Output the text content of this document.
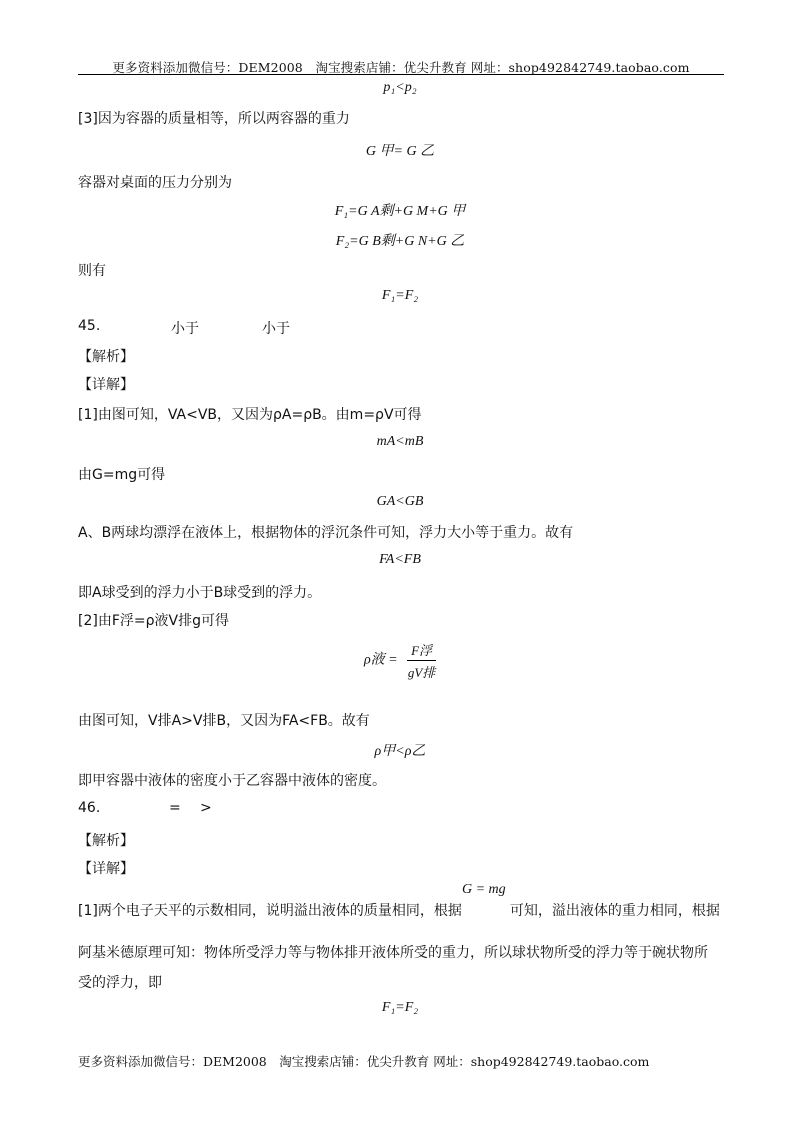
更多资料添加微信号：DEM2008　淘宝搜索店铺：优尖升教育 网址：shop492842749.taobao.com
p₁<p₂
[3]因为容器的质量相等，所以两容器的重力
G 甲= G 乙
容器对桌面的压力分别为
F₁=G A剩+G M+G 甲
F₂=G B剩+G N+G 乙
则有
F₁=F₂
45.	小于	小于
【解析】
【详解】
[1]由图可知，VA<VB，又因为ρA=ρB。由m=ρV可得
mA<mB
由G=mg可得
GA<GB
A、B两球均漂浮在液体上，根据物体的浮沉条件可知，浮力大小等于重力。故有
FA<FB
即A球受到的浮力小于B球受到的浮力。
[2]由F浮=ρ液V排g可得
ρ液 = $\frac{\text{F浮}}{\text{gV排}}$
由图可知，V排A>V排B，又因为FA<FB。故有
ρ甲<ρ乙
即甲容器中液体的密度小于乙容器中液体的密度。
46.	= >
【解析】
【详解】
[1]两个电子天平的示数相同，说明溢出液体的质量相同，根据	可知，溢出液体的重力相同，根据
G = mg
阿基米德原理可知：物体所受浮力等与物体排开液体所受的重力，所以球状物所受的浮力等于碗状物所
受的浮力，即
F₁=F₂
更多资料添加微信号：DEM2008　淘宝搜索店铺：优尖升教育 网址：shop492842749.taobao.com
